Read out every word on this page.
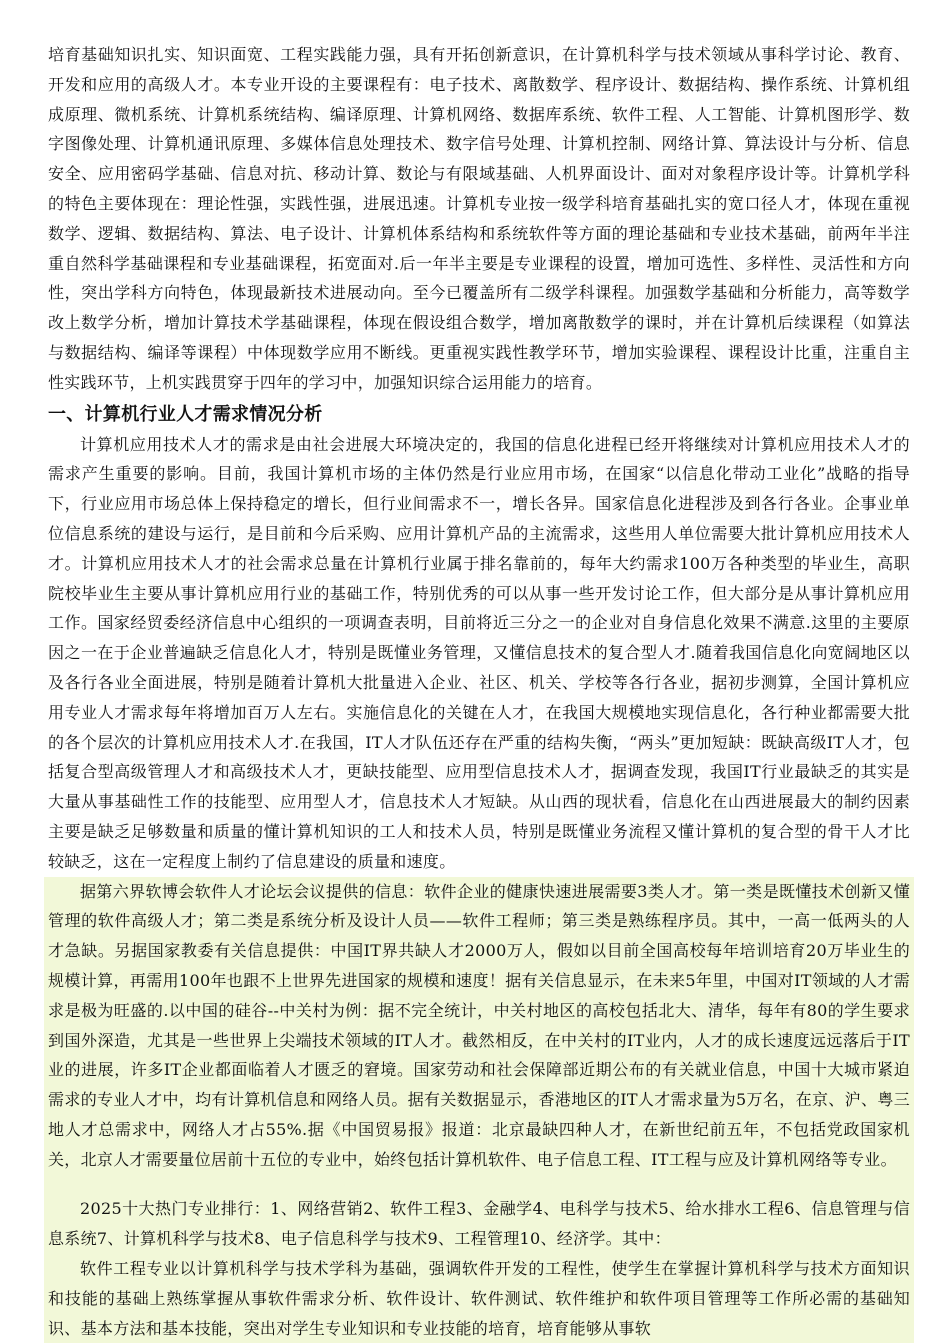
培育基础知识扎实、知识面宽、工程实践能力强，具有开拓创新意识，在计算机科学与技术领域从事科学讨论、教育、开发和应用的高级人才。本专业开设的主要课程有：电子技术、离散数学、程序设计、数据结构、操作系统、计算机组成原理、微机系统、计算机系统结构、编译原理、计算机网络、数据库系统、软件工程、人工智能、计算机图形学、数字图像处理、计算机通讯原理、多媒体信息处理技术、数字信号处理、计算机控制、网络计算、算法设计与分析、信息安全、应用密码学基础、信息对抗、移动计算、数论与有限域基础、人机界面设计、面对对象程序设计等。计算机学科的特色主要体现在：理论性强，实践性强，进展迅速。计算机专业按一级学科培育基础扎实的宽口径人才，体现在重视数学、逻辑、数据结构、算法、电子设计、计算机体系结构和系统软件等方面的理论基础和专业技术基础，前两年半注重自然科学基础课程和专业基础课程，拓宽面对.后一年半主要是专业课程的设置，增加可选性、多样性、灵活性和方向性，突出学科方向特色，体现最新技术进展动向。至今已覆盖所有二级学科课程。加强数学基础和分析能力，高等数学改上数学分析，增加计算技术学基础课程，体现在假设组合数学，增加离散数学的课时，并在计算机后续课程（如算法与数据结构、编译等课程）中体现数学应用不断线。更重视实践性教学环节，增加实验课程、课程设计比重，注重自主性实践环节，上机实践贯穿于四年的学习中，加强知识综合运用能力的培育。

一、计算机行业人才需求情况分析

计算机应用技术人才的需求是由社会进展大环境决定的，我国的信息化进程已经开将继续对计算机应用技术人才的需求产生重要的影响。目前，我国计算机市场的主体仍然是行业应用市场，在国家“以信息化带动工业化”战略的指导下，行业应用市场总体上保持稳定的增长，但行业间需求不一，增长各异。国家信息化进程涉及到各行各业。企事业单位信息系统的建设与运行，是目前和今后采购、应用计算机产品的主流需求，这些用人单位需要大批计算机应用技术人才。计算机应用技术人才的社会需求总量在计算机行业属于排名靠前的，每年大约需求100万各种类型的毕业生，高职院校毕业生主要从事计算机应用行业的基础工作，特别优秀的可以从事一些开发讨论工作，但大部分是从事计算机应用工作。国家经贸委经济信息中心组织的一项调查表明，目前将近三分之一的企业对自身信息化效果不满意.这里的主要原因之一在于企业普遍缺乏信息化人才，特别是既懂业务管理，又懂信息技术的复合型人才.随着我国信息化向宽阔地区以及各行各业全面进展，特别是随着计算机大批量进入企业、社区、机关、学校等各行各业，据初步测算，全国计算机应用专业人才需求每年将增加百万人左右。实施信息化的关键在人才，在我国大规模地实现信息化，各行种业都需要大批的各个层次的计算机应用技术人才.在我国，IT人才队伍还存在严重的结构失衡，“两头”更加短缺：既缺高级IT人才，包括复合型高级管理人才和高级技术人才，更缺技能型、应用型信息技术人才，据调查发现，我国IT行业最缺乏的其实是大量从事基础性工作的技能型、应用型人才，信息技术人才短缺。从山西的现状看，信息化在山西进展最大的制约因素主要是缺乏足够数量和质量的懂计算机知识的工人和技术人员，特别是既懂业务流程又懂计算机的复合型的骨干人才比较缺乏，这在一定程度上制约了信息建设的质量和速度。

据第六界软博会软件人才论坛会议提供的信息：软件企业的健康快速进展需要3类人才。第一类是既懂技术创新又懂管理的软件高级人才；第二类是系统分析及设计人员——软件工程师；第三类是熟练程序员。其中，一高一低两头的人才急缺。另据国家教委有关信息提供：中国IT界共缺人才2000万人，假如以目前全国高校每年培训培育20万毕业生的规模计算，再需用100年也跟不上世界先进国家的规模和速度！据有关信息显示，在未来5年里，中国对IT领域的人才需求是极为旺盛的.以中国的硅谷--中关村为例：据不完全统计，中关村地区的高校包括北大、清华，每年有80的学生要求到国外深造，尤其是一些世界上尖端技术领域的IT人才。截然相反，在中关村的IT业内，人才的成长速度远远落后于IT业的进展，许多IT企业都面临着人才匮乏的窘境。国家劳动和社会保障部近期公布的有关就业信息，中国十大城市紧迫需求的专业人才中，均有计算机信息和网络人员。据有关数据显示，香港地区的IT人才需求量为5万名，在京、沪、粤三地人才总需求中，网络人才占55%.据《中国贸易报》报道：北京最缺四种人才，在新世纪前五年，不包括党政国家机关，北京人才需要量位居前十五位的专业中，始终包括计算机软件、电子信息工程、IT工程与应及计算机网络等专业。

2025十大热门专业排行：1、网络营销2、软件工程3、金融学4、电科学与技术5、给水排水工程6、信息管理与信息系统7、计算机科学与技术8、电子信息科学与技术9、工程管理10、经济学。其中：

软件工程专业以计算机科学与技术学科为基础，强调软件开发的工程性，使学生在掌握计算机科学与技术方面知识和技能的基础上熟练掌握从事软件需求分析、软件设计、软件测试、软件维护和软件项目管理等工作所必需的基础知识、基本方法和基本技能，突出对学生专业知识和专业技能的培育，培育能够从事软
